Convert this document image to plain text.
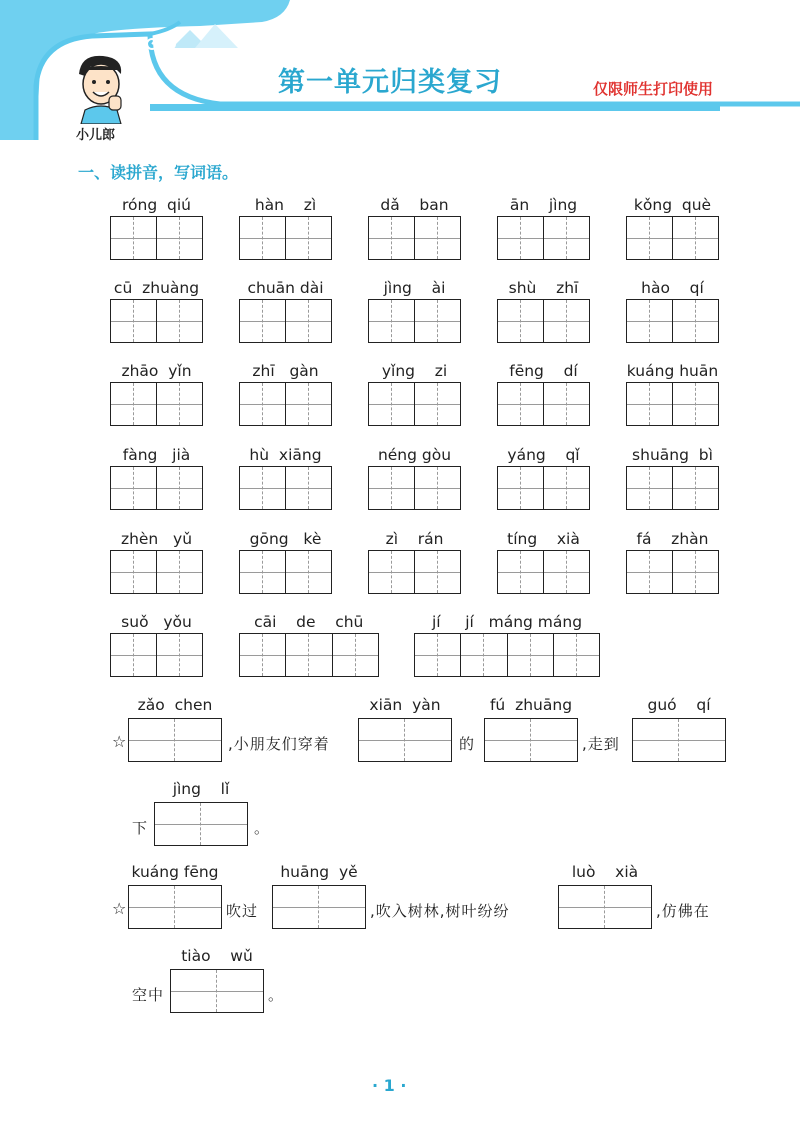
第一单元归类复习	仅限师生打印使用
小儿郎
一、读拼音，写词语。
róng  qiú	hàn    zì	dǎ    ban	ān    jìng	kǒng  què
cū  zhuàng	chuān dài	jìng    ài	shù    zhī	hào    qí
zhāo  yǐn	zhī   gàn	yǐng    zi	fēng    dí	kuáng huān
fàng   jià	hù  xiāng	néng gòu	yáng    qǐ	shuāng  bì
zhèn   yǔ	gōng   kè	zì    rán	tíng    xià	fá    zhàn
suǒ   yǒu	cāi    de    chū	jí     jí   máng máng
☆
zǎo  chen
,小朋友们穿着
xiān  yàn
的
fú  zhuāng
,走到
guó    qí
下
jìng    lǐ
。
☆
kuáng fēng
吹过
huāng  yě
,吹入树林,树叶纷纷
luò    xià
,仿佛在
空中
tiào    wǔ
。
· 1 ·
